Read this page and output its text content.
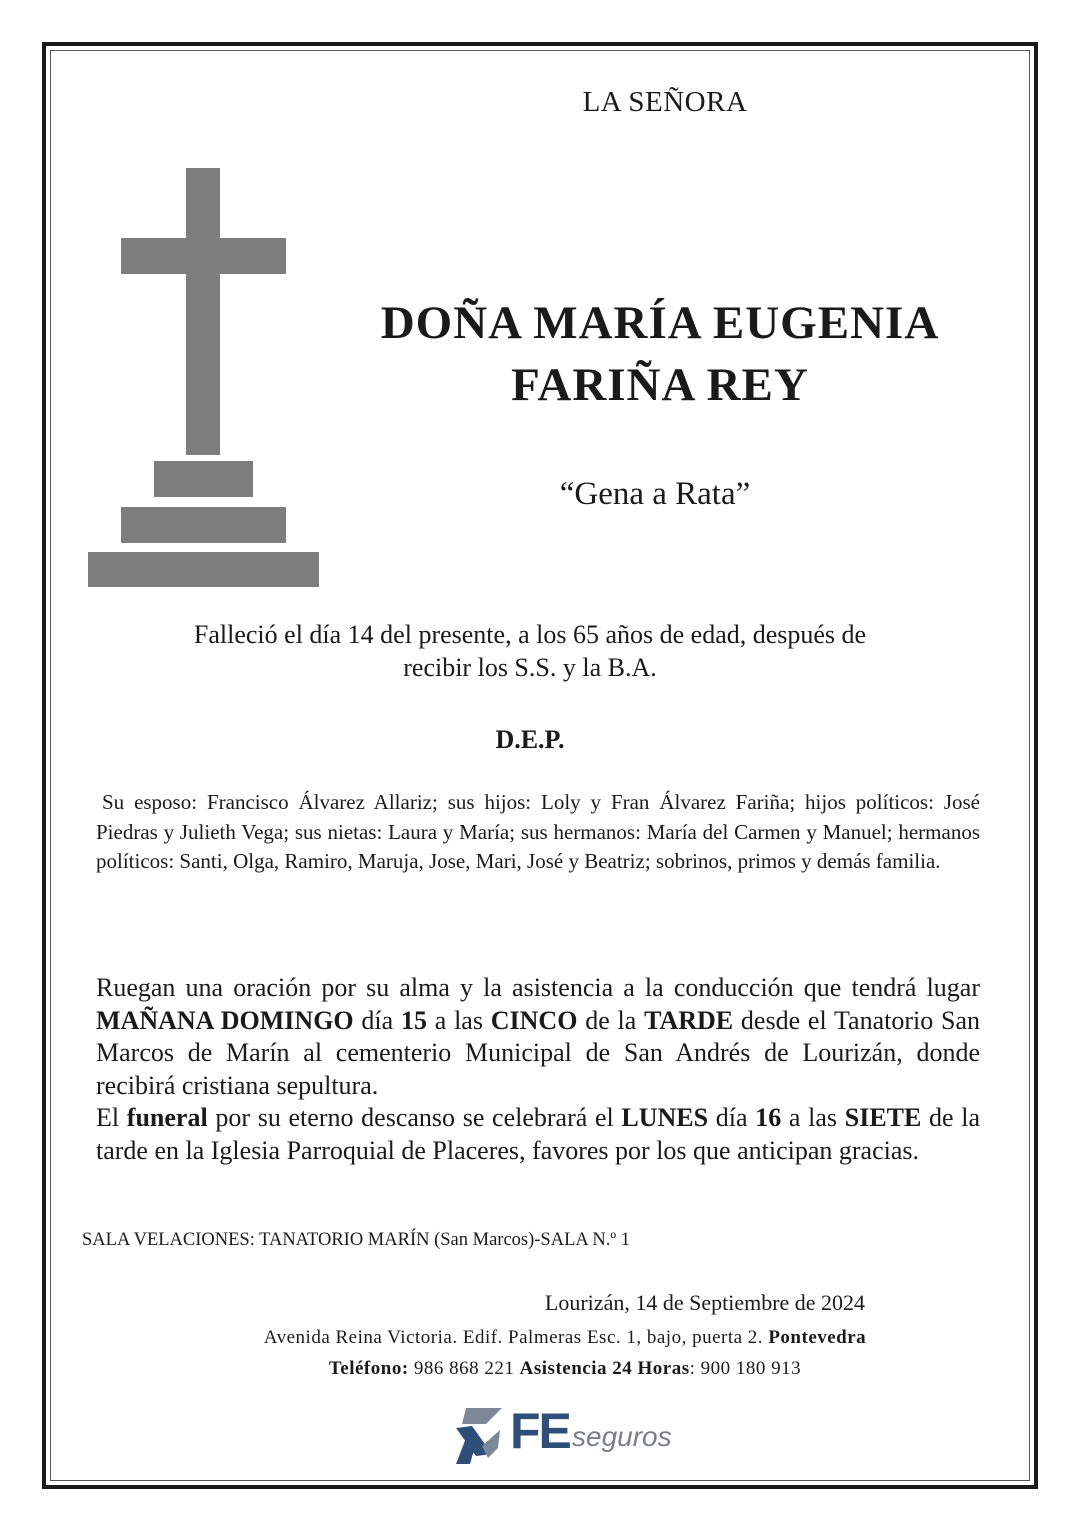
LA SEÑORA
DOÑA MARÍA EUGENIA
FARIÑA REY
“Gena a Rata”
Falleció el día 14 del presente, a los 65 años de edad, después de
recibir los S.S. y la B.A.
D.E.P.
Su esposo: Francisco Álvarez Allariz; sus hijos: Loly y Fran Álvarez Fariña; hijos políticos: José Piedras y Julieth Vega; sus nietas: Laura y María; sus hermanos: María del Carmen y Manuel; hermanos políticos: Santi, Olga, Ramiro, Maruja, Jose, Mari, José y Beatriz; sobrinos, primos y demás familia.
Ruegan una oración por su alma y la asistencia a la conducción que tendrá lugar MAÑANA DOMINGO día 15 a las CINCO de la TARDE desde el Tanatorio San Marcos de Marín al cementerio Municipal de San Andrés de Lourizán, donde recibirá cristiana sepultura.
El funeral por su eterno descanso se celebrará el LUNES día 16 a las SIETE de la tarde en la Iglesia Parroquial de Placeres, favores por los que anticipan gracias.
SALA VELACIONES: TANATORIO MARÍN (San Marcos)-SALA N.º 1
Lourizán, 14 de Septiembre de 2024
Avenida Reina Victoria. Edif. Palmeras Esc. 1, bajo, puerta 2. Pontevedra
Teléfono: 986 868 221 Asistencia 24 Horas: 900 180 913
FE seguros
